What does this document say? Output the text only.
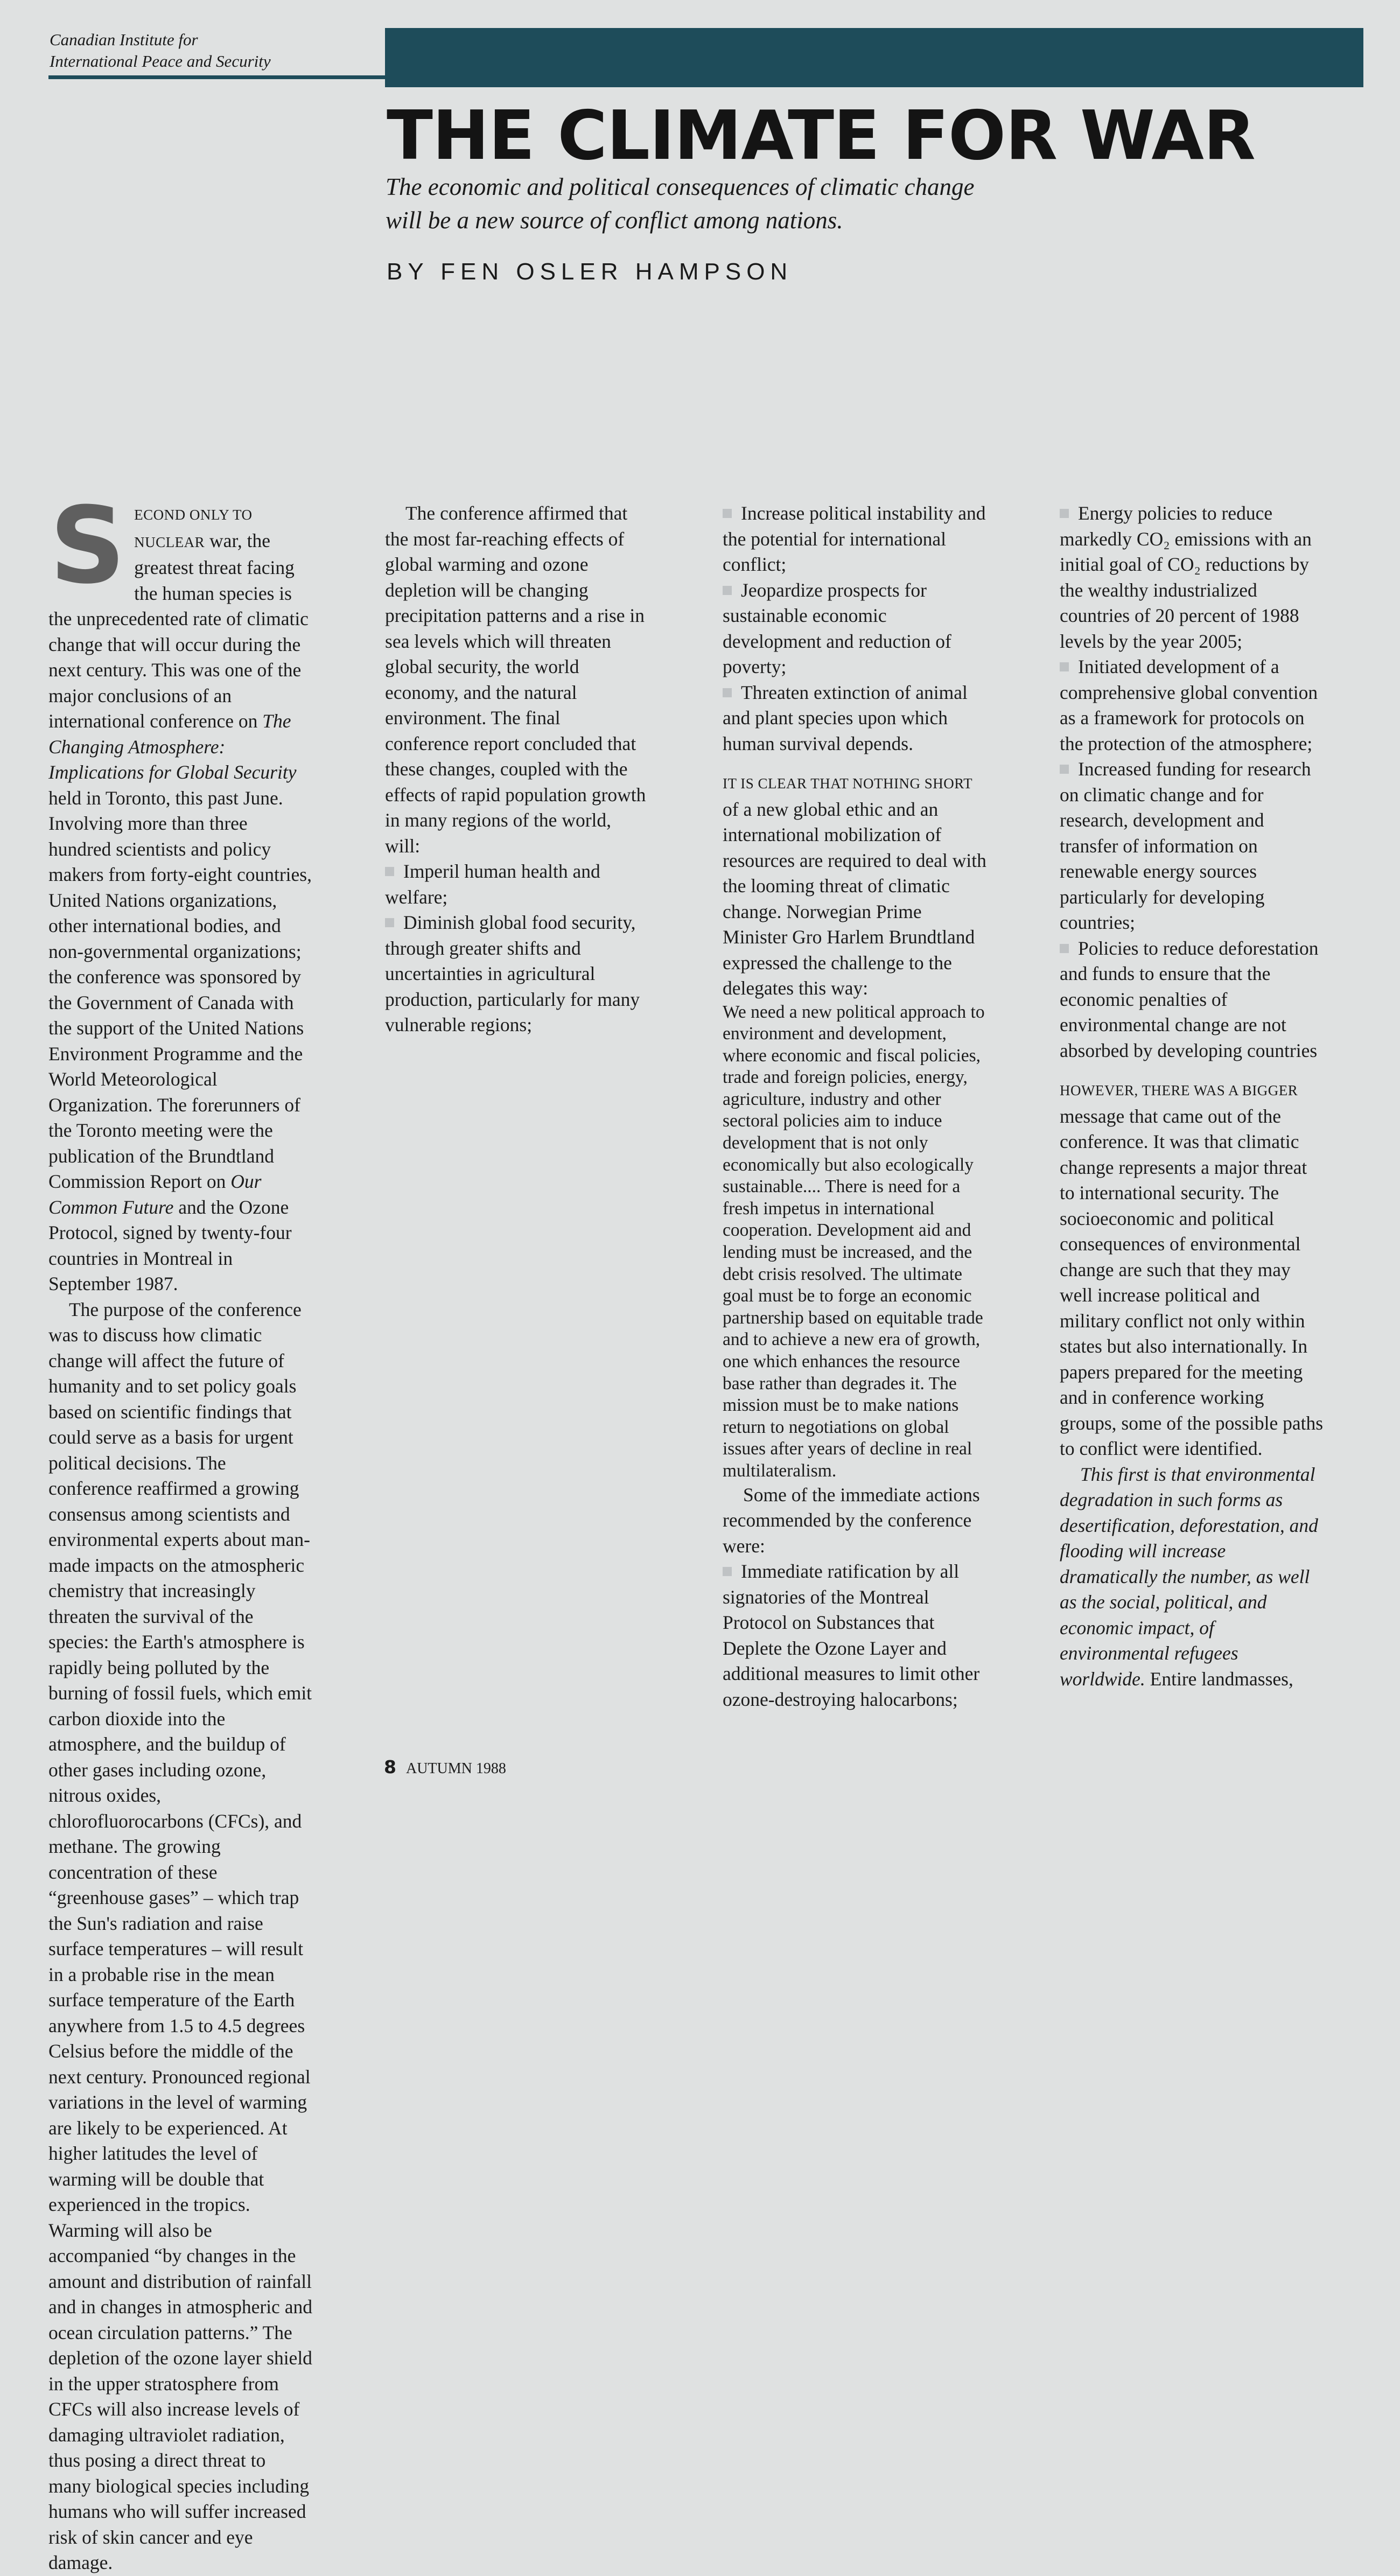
Canadian Institute for
International Peace and Security
THE CLIMATE FOR WAR
The economic and political consequences of climatic change
will be a new source of conflict among nations.
BY FEN OSLER HAMPSON

SECOND ONLY TO NUCLEAR war, the greatest threat facing the human species is the unprecedented rate of climatic change that will occur during the next century. This was one of the major conclusions of an international conference on The Changing Atmosphere: Implications for Global Security held in Toronto, this past June. Involving more than three hundred scientists and policy makers from forty-eight countries, United Nations organizations, other international bodies, and non-governmental organizations; the conference was sponsored by the Government of Canada with the support of the United Nations Environment Programme and the World Meteorological Organization. The forerunners of the Toronto meeting were the publication of the Brundtland Commission Report on Our Common Future and the Ozone Protocol, signed by twenty-four countries in Montreal in September 1987.

The purpose of the conference was to discuss how climatic change will affect the future of humanity and to set policy goals based on scientific findings that could serve as a basis for urgent political decisions. The conference reaffirmed a growing consensus among scientists and environmental experts about man-made impacts on the atmospheric chemistry that increasingly threaten the survival of the species: the Earth's atmosphere is rapidly being polluted by the burning of fossil fuels, which emit carbon dioxide into the atmosphere, and the buildup of other gases including ozone, nitrous oxides, chlorofluorocarbons (CFCs), and methane. The growing concentration of these “greenhouse gases” – which trap the Sun's radiation and raise surface temperatures – will result in a probable rise in the mean surface temperature of the Earth anywhere from 1.5 to 4.5 degrees Celsius before the middle of the next century. Pronounced regional variations in the level of warming are likely to be experienced. At higher latitudes the level of warming will be double that experienced in the tropics. Warming will also be accompanied “by changes in the amount and distribution of rainfall and in changes in atmospheric and ocean circulation patterns.” The depletion of the ozone layer shield in the upper stratosphere from CFCs will also increase levels of damaging ultraviolet radiation, thus posing a direct threat to many biological species including humans who will suffer increased risk of skin cancer and eye damage.

The conference affirmed that the most far-reaching effects of global warming and ozone depletion will be changing precipitation patterns and a rise in sea levels which will threaten global security, the world economy, and the natural environment. The final conference report concluded that these changes, coupled with the effects of rapid population growth in many regions of the world, will:

Imperil human health and welfare;

Diminish global food security, through greater shifts and uncertainties in agricultural production, particularly for many vulnerable regions;

Increase political instability and the potential for international conflict;

Jeopardize prospects for sustainable economic development and reduction of poverty;

Threaten extinction of animal and plant species upon which human survival depends.

IT IS CLEAR THAT NOTHING SHORT of a new global ethic and an international mobilization of resources are required to deal with the looming threat of climatic change. Norwegian Prime Minister Gro Harlem Brundtland expressed the challenge to the delegates this way:

We need a new political approach to environment and development, where economic and fiscal policies, trade and foreign policies, energy, agriculture, industry and other sectoral policies aim to induce development that is not only economically but also ecologically sustainable.... There is need for a fresh impetus in international cooperation. Development aid and lending must be increased, and the debt crisis resolved. The ultimate goal must be to forge an economic partnership based on equitable trade and to achieve a new era of growth, one which enhances the resource base rather than degrades it. The mission must be to make nations return to negotiations on global issues after years of decline in real multilateralism.

Some of the immediate actions recommended by the conference were:

Immediate ratification by all signatories of the Montreal Protocol on Substances that Deplete the Ozone Layer and additional measures to limit other ozone-destroying halocarbons;

Energy policies to reduce markedly CO₂ emissions with an initial goal of CO₂ reductions by the wealthy industrialized countries of 20 percent of 1988 levels by the year 2005;

Initiated development of a comprehensive global convention as a framework for protocols on the protection of the atmosphere;

Increased funding for research on climatic change and for research, development and transfer of information on renewable energy sources particularly for developing countries;

Policies to reduce deforestation and funds to ensure that the economic penalties of environmental change are not absorbed by developing countries

HOWEVER, THERE WAS A BIGGER message that came out of the conference. It was that climatic change represents a major threat to international security. The socioeconomic and political consequences of environmental change are such that they may well increase political and military conflict not only within states but also internationally. In papers prepared for the meeting and in conference working groups, some of the possible paths to conflict were identified.

This first is that environmental degradation in such forms as desertification, deforestation, and flooding will increase dramatically the number, as well as the social, political, and economic impact, of environmental refugees worldwide. Entire landmasses,

8 AUTUMN 1988
